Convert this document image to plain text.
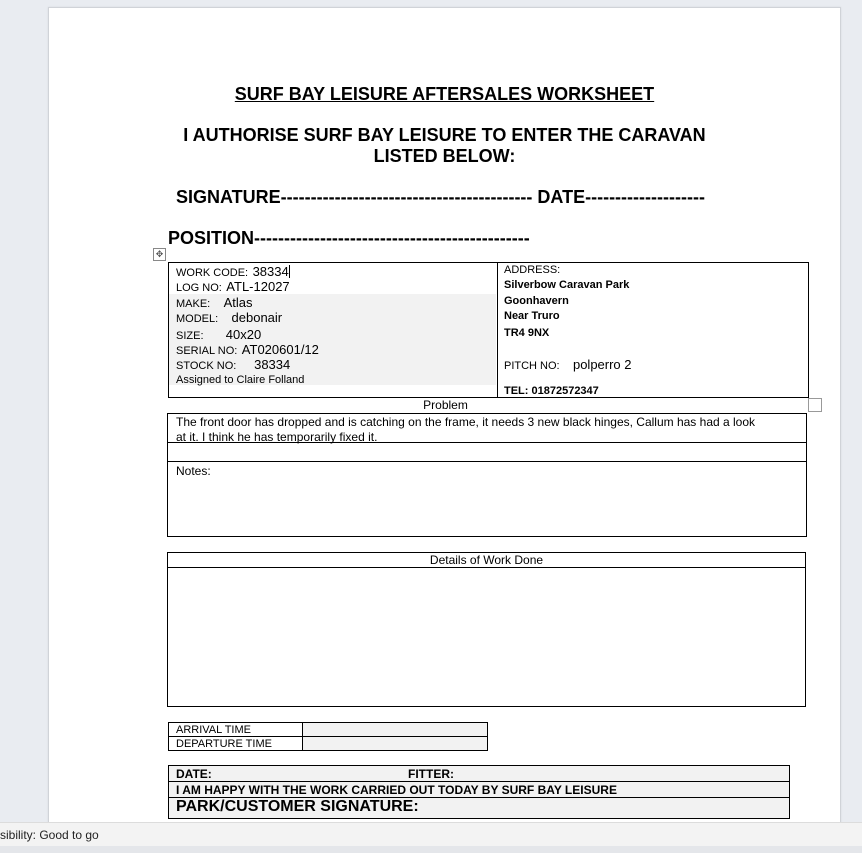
SURF BAY LEISURE AFTERSALES WORKSHEET
I AUTHORISE SURF BAY LEISURE TO ENTER THE CARAVAN
LISTED BELOW:
SIGNATURE------------------------------------------ DATE--------------------
POSITION----------------------------------------------
✥
WORK CODE: 38334
LOG NO: ATL-12027
MAKE: Atlas
MODEL: debonair
SIZE: 40x20
SERIAL NO: AT020601/12
STOCK NO: 38334
Assigned to Claire Folland
ADDRESS:
Silverbow Caravan Park
Goonhavern
Near Truro
TR4 9NX
PITCH NO: polperro 2
TEL: 01872572347
Problem
The front door has dropped and is catching on the frame, it needs 3 new black hinges, Callum has had a look
at it. I think he has temporarily fixed it.
Notes:
Details of Work Done
ARRIVAL TIME
DEPARTURE TIME
DATE:	FITTER:
I AM HAPPY WITH THE WORK CARRIED OUT TODAY BY SURF BAY LEISURE
PARK/CUSTOMER SIGNATURE:
sibility: Good to go
